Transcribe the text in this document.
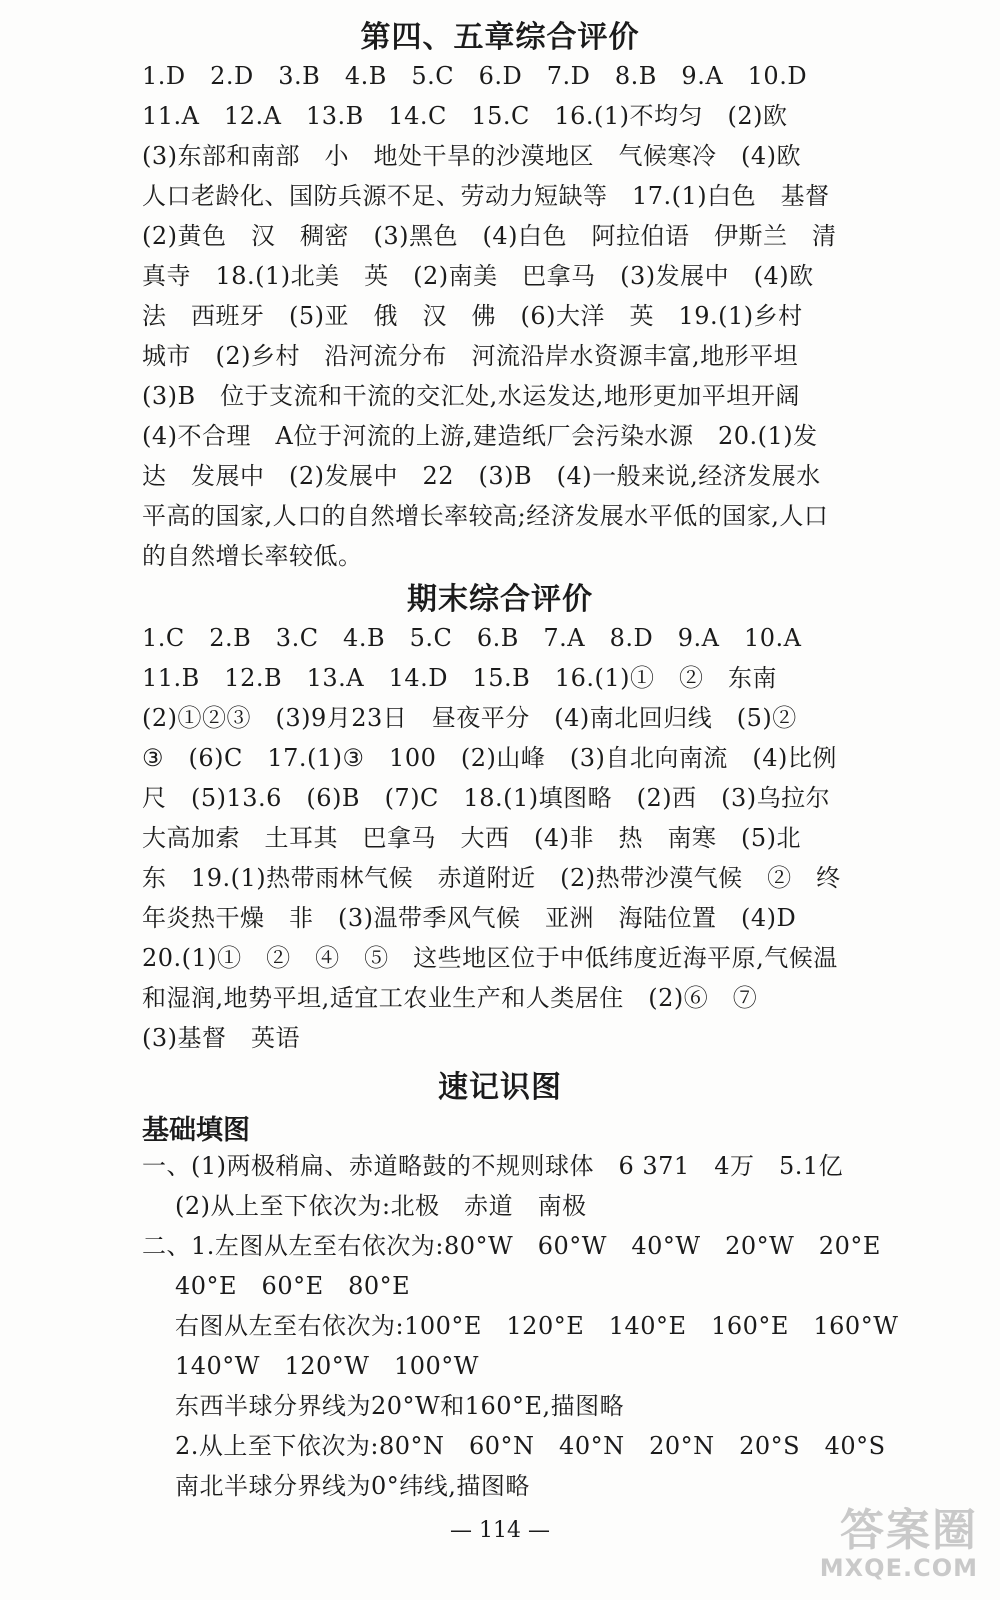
第四、五章综合评价
1.D　2.D　3.B　4.B　5.C　6.D　7.D　8.B　9.A　10.D
11.A　12.A　13.B　14.C　15.C　16.(1)不均匀　(2)欧
(3)东部和南部　小　地处干旱的沙漠地区　气候寒冷　(4)欧
人口老龄化、国防兵源不足、劳动力短缺等　17.(1)白色　基督
(2)黄色　汉　稠密　(3)黑色　(4)白色　阿拉伯语　伊斯兰　清
真寺　18.(1)北美　英　(2)南美　巴拿马　(3)发展中　(4)欧
法　西班牙　(5)亚　俄　汉　佛　(6)大洋　英　19.(1)乡村
城市　(2)乡村　沿河流分布　河流沿岸水资源丰富,地形平坦
(3)B　位于支流和干流的交汇处,水运发达,地形更加平坦开阔
(4)不合理　A位于河流的上游,建造纸厂会污染水源　20.(1)发
达　发展中　(2)发展中　22　(3)B　(4)一般来说,经济发展水
平高的国家,人口的自然增长率较高;经济发展水平低的国家,人口
的自然增长率较低。
期末综合评价
1.C　2.B　3.C　4.B　5.C　6.B　7.A　8.D　9.A　10.A
11.B　12.B　13.A　14.D　15.B　16.(1)①　②　东南
(2)①②③　(3)9月23日　昼夜平分　(4)南北回归线　(5)②
③　(6)C　17.(1)③　100　(2)山峰　(3)自北向南流　(4)比例
尺　(5)13.6　(6)B　(7)C　18.(1)填图略　(2)西　(3)乌拉尔
大高加索　土耳其　巴拿马　大西　(4)非　热　南寒　(5)北
东　19.(1)热带雨林气候　赤道附近　(2)热带沙漠气候　②　终
年炎热干燥　非　(3)温带季风气候　亚洲　海陆位置　(4)D
20.(1)①　②　④　⑤　这些地区位于中低纬度近海平原,气候温
和湿润,地势平坦,适宜工农业生产和人类居住　(2)⑥　⑦
(3)基督　英语
速记识图
基础填图
一、(1)两极稍扁、赤道略鼓的不规则球体　6 371　4万　5.1亿
(2)从上至下依次为:北极　赤道　南极
二、1.左图从左至右依次为:80°W　60°W　40°W　20°W　20°E
40°E　60°E　80°E
右图从左至右依次为:100°E　120°E　140°E　160°E　160°W
140°W　120°W　100°W
东西半球分界线为20°W和160°E,描图略
2.从上至下依次为:80°N　60°N　40°N　20°N　20°S　40°S
南北半球分界线为0°纬线,描图略
— 114 —	答案圈
MXQE.COM
